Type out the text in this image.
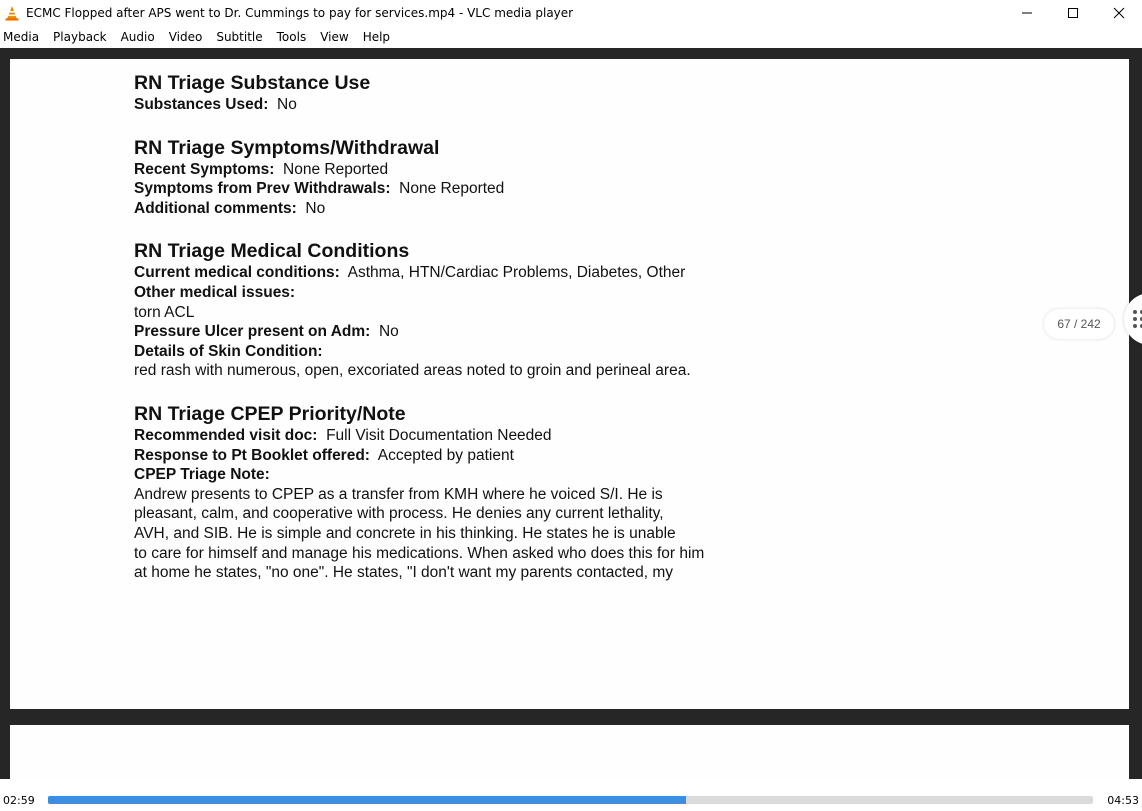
ECMC Flopped after APS went to Dr. Cummings to pay for services.mp4 - VLC media player
Media	Playback	Audio	Video	Subtitle	Tools	View	Help
RN Triage Substance Use
Substances Used: No
RN Triage Symptoms/Withdrawal
Recent Symptoms: None Reported
Symptoms from Prev Withdrawals: None Reported
Additional comments: No
RN Triage Medical Conditions
Current medical conditions: Asthma, HTN/Cardiac Problems, Diabetes, Other
Other medical issues:
torn ACL
Pressure Ulcer present on Adm: No
Details of Skin Condition:
red rash with numerous, open, excoriated areas noted to groin and perineal area.
RN Triage CPEP Priority/Note
Recommended visit doc: Full Visit Documentation Needed
Response to Pt Booklet offered: Accepted by patient
CPEP Triage Note:
Andrew presents to CPEP as a transfer from KMH where he voiced S/I. He is
pleasant, calm, and cooperative with process. He denies any current lethality,
AVH, and SIB. He is simple and concrete in his thinking. He states he is unable
to care for himself and manage his medications. When asked who does this for him
at home he states, "no one". He states, "I don't want my parents contacted, my
67 / 242
02:59	04:53
